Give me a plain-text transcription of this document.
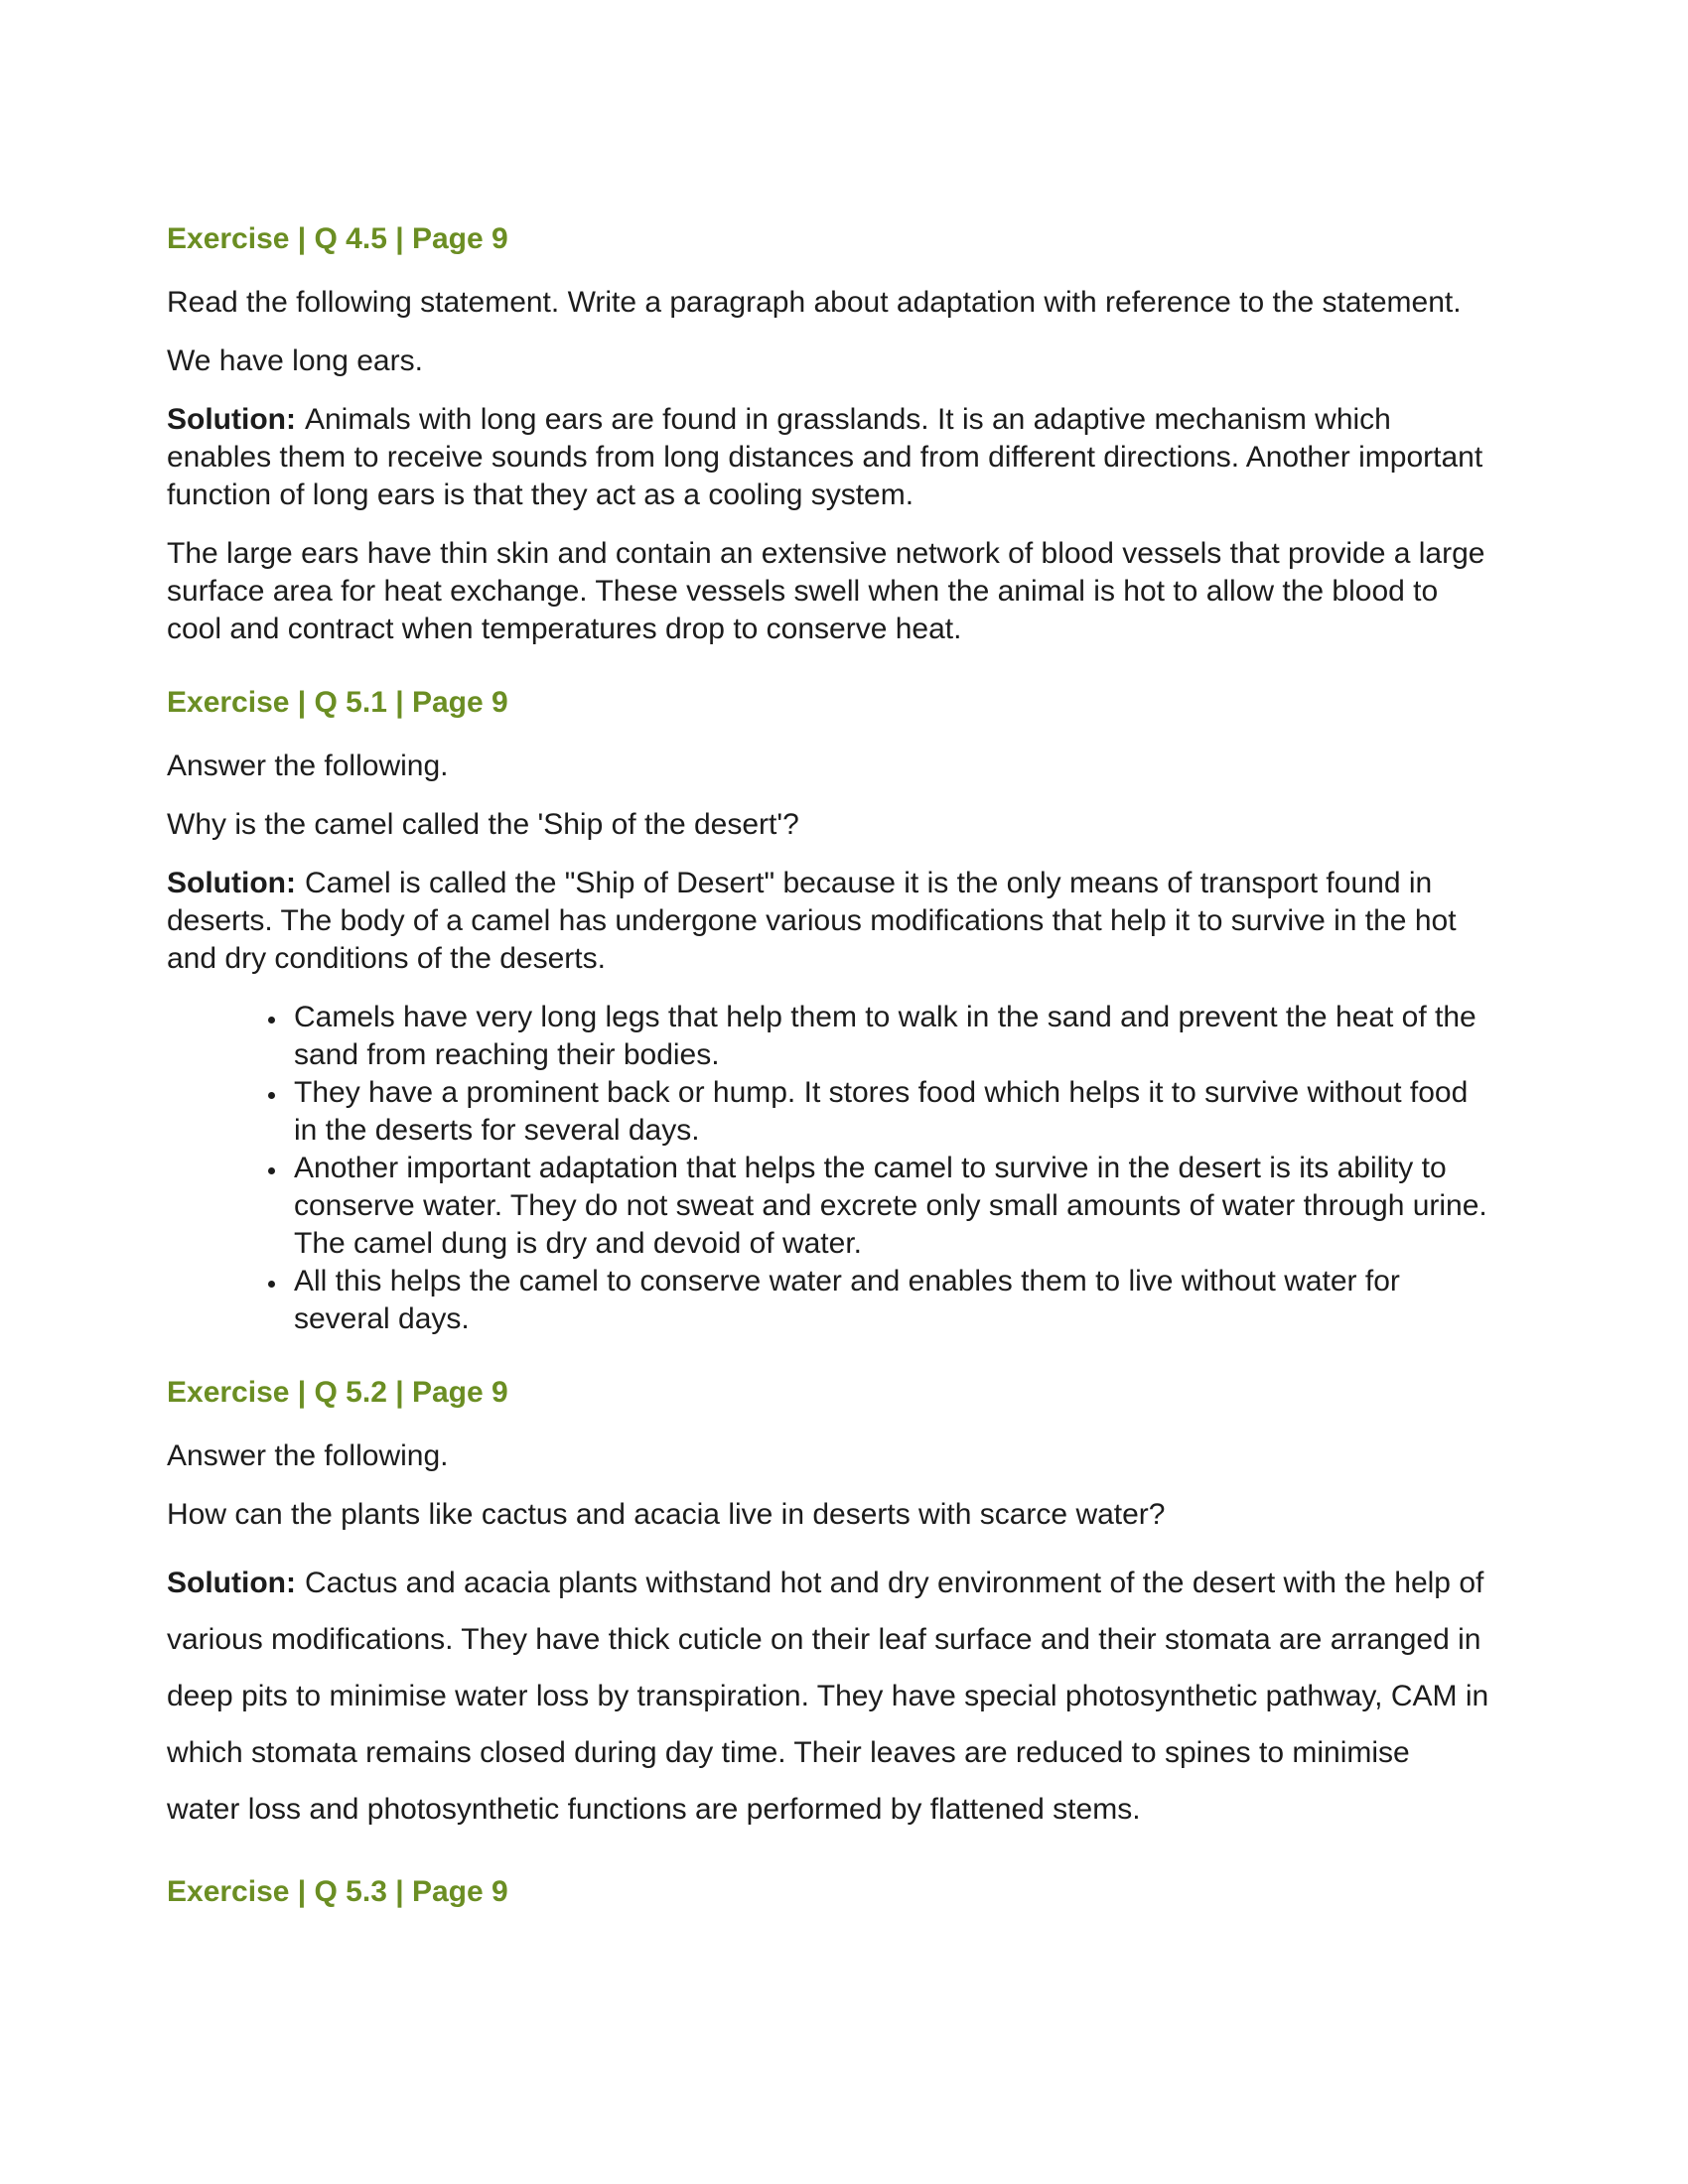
Exercise | Q 4.5 | Page 9

Read the following statement. Write a paragraph about adaptation with reference to the statement.

We have long ears.

Solution: Animals with long ears are found in grasslands. It is an adaptive mechanism which enables them to receive sounds from long distances and from different directions. Another important function of long ears is that they act as a cooling system.

The large ears have thin skin and contain an extensive network of blood vessels that provide a large surface area for heat exchange. These vessels swell when the animal is hot to allow the blood to cool and contract when temperatures drop to conserve heat.

Exercise | Q 5.1 | Page 9

Answer the following.

Why is the camel called the 'Ship of the desert'?

Solution: Camel is called the "Ship of Desert" because it is the only means of transport found in deserts. The body of a camel has undergone various modifications that help it to survive in the hot and dry conditions of the deserts.

• Camels have very long legs that help them to walk in the sand and prevent the heat of the sand from reaching their bodies.
• They have a prominent back or hump. It stores food which helps it to survive without food in the deserts for several days.
• Another important adaptation that helps the camel to survive in the desert is its ability to conserve water. They do not sweat and excrete only small amounts of water through urine. The camel dung is dry and devoid of water.
• All this helps the camel to conserve water and enables them to live without water for several days.
Exercise | Q 5.2 | Page 9

Answer the following.

How can the plants like cactus and acacia live in deserts with scarce water?

Solution: Cactus and acacia plants withstand hot and dry environment of the desert with the help of various modifications. They have thick cuticle on their leaf surface and their stomata are arranged in deep pits to minimise water loss by transpiration. They have special photosynthetic pathway, CAM in which stomata remains closed during day time. Their leaves are reduced to spines to minimise water loss and photosynthetic functions are performed by flattened stems.

Exercise | Q 5.3 | Page 9
